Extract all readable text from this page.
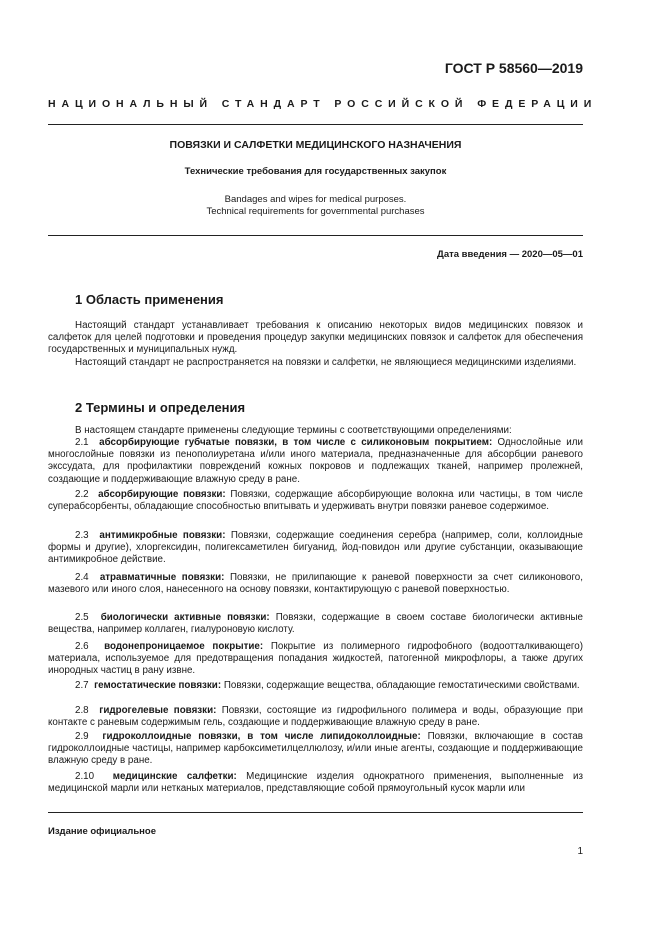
ГОСТ Р 58560—2019
НАЦИОНАЛЬНЫЙ СТАНДАРТ РОССИЙСКОЙ ФЕДЕРАЦИИ
ПОВЯЗКИ И САЛФЕТКИ МЕДИЦИНСКОГО НАЗНАЧЕНИЯ
Технические требования для государственных закупок
Bandages and wipes for medical purposes.
Technical requirements for governmental purchases
Дата введения — 2020—05—01
1 Область применения

Настоящий стандарт устанавливает требования к описанию некоторых видов медицинских повязок и салфеток для целей подготовки и проведения процедур закупки медицинских повязок и салфеток для обеспечения государственных и муниципальных нужд.

Настоящий стандарт не распространяется на повязки и салфетки, не являющиеся медицинскими изделиями.

2 Термины и определения

В настоящем стандарте применены следующие термины с соответствующими определениями:

2.1 абсорбирующие губчатые повязки, в том числе с силиконовым покрытием: Однослойные или многослойные повязки из пенополиуретана и/или иного материала, предназначенные для абсорбции раневого экссудата, для профилактики повреждений кожных покровов и подлежащих тканей, например пролежней, создающие и поддерживающие влажную среду в ране.

2.2 абсорбирующие повязки: Повязки, содержащие абсорбирующие волокна или частицы, в том числе суперабсорбенты, обладающие способностью впитывать и удерживать внутри повязки раневое содержимое.

2.3 антимикробные повязки: Повязки, содержащие соединения серебра (например, соли, коллоидные формы и другие), хлоргексидин, полигексаметилен бигуанид, йод-повидон или другие субстанции, оказывающие антимикробное действие.

2.4 атравматичные повязки: Повязки, не прилипающие к раневой поверхности за счет силиконового, мазевого или иного слоя, нанесенного на основу повязки, контактирующую с раневой поверхностью.

2.5 биологически активные повязки: Повязки, содержащие в своем составе биологически активные вещества, например коллаген, гиалуроновую кислоту.

2.6 водонепроницаемое покрытие: Покрытие из полимерного гидрофобного (водоотталкивающего) материала, используемое для предотвращения попадания жидкостей, патогенной микрофлоры, а также других инородных частиц в рану извне.

2.7 гемостатические повязки: Повязки, содержащие вещества, обладающие гемостатическими свойствами.

2.8 гидрогелевые повязки: Повязки, состоящие из гидрофильного полимера и воды, образующие при контакте с раневым содержимым гель, создающие и поддерживающие влажную среду в ране.

2.9 гидроколлоидные повязки, в том числе липидоколлоидные: Повязки, включающие в состав гидроколлоидные частицы, например карбоксиметилцеллюлозу, и/или иные агенты, создающие и поддерживающие влажную среду в ране.

2.10 медицинские салфетки: Медицинские изделия однократного применения, выполненные из медицинской марли или нетканых материалов, представляющие собой прямоугольный кусок марли или

Издание официальное
1
